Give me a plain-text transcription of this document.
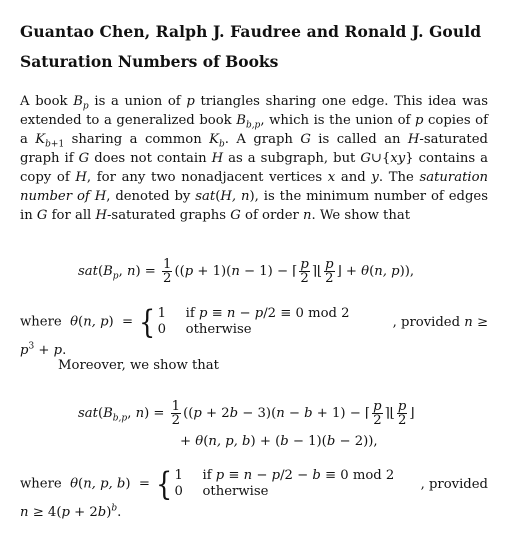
Guantao Chen, Ralph J. Faudree and Ronald J. Gould
Saturation Numbers of Books

A book $B_p$ is a union of p triangles sharing one edge. This idea was extended to a generalized book $B_{b,p}$, which is the union of p copies of a $K_{b+1}$ sharing a common $K_b$. A graph G is called an H-saturated graph if G does not contain H as a subgraph, but G∪{xy} contains a copy of H, for any two nonadjacent vertices x and y. The saturation number of H, denoted by sat(H, n), is the minimum number of edges in G for all H-saturated graphs G of order n. We show that

$sat(B_p$, $n) = \frac{1}{2} ((p + 1)(n - 1)$ − ⌈ $\frac{p}{2}$ ⌉⌊ $\frac{p}{2}$ ⌋ + θ(n, p)),
where  θ(n, p)  = { 1 if p ≡ n − p/2 ≡ 0 mod 2
0 otherwise	, provided n ≥
$p^3 + p$.
Moreover, we show that
$sat(B_{b,p}$, $n) = \frac{1}{2} ((p + 2b - 3)(n - b + 1)$ − ⌈ $\frac{p}{2}$ ⌉⌊ $\frac{p}{2}$ ⌋
+ θ(n, p, b) + (b − 1)(b − 2)),
where  θ(n, p, b)  = { 1 if p ≡ n − p/2 − b ≡ 0 mod 2
0 otherwise	, provided
$n \ge 4(p + 2b)^b$.
